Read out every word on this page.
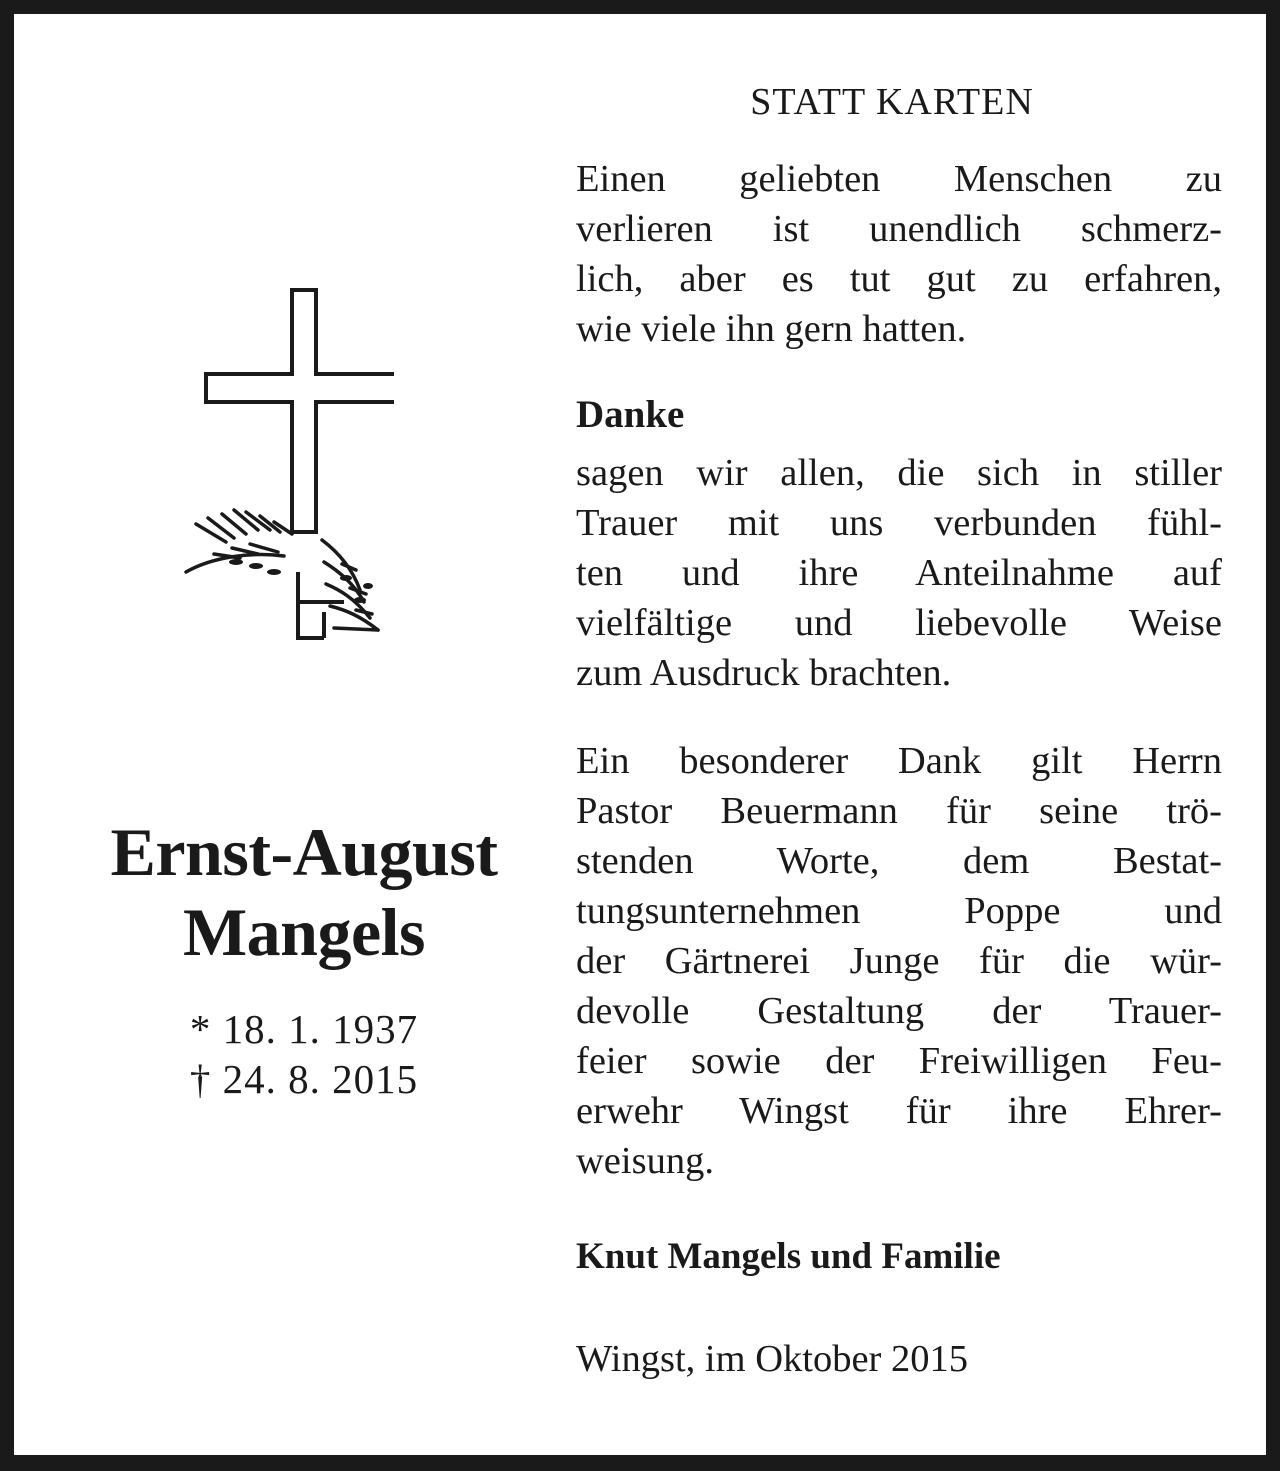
Ernst-August
Mangels
* 18. 1. 1937
† 24. 8. 2015
STATT KARTEN
Einen geliebten Menschen zu
verlieren ist unendlich schmerz-
lich, aber es tut gut zu erfahren,
wie viele ihn gern hatten.
Danke
sagen wir allen, die sich in stiller
Trauer mit uns verbunden fühl-
ten und ihre Anteilnahme auf
vielfältige und liebevolle Weise
zum Ausdruck brachten.
Ein besonderer Dank gilt Herrn
Pastor Beuermann für seine trö-
stenden Worte, dem Bestat-
tungsunternehmen Poppe und
der Gärtnerei Junge für die wür-
devolle Gestaltung der Trauer-
feier sowie der Freiwilligen Feu-
erwehr Wingst für ihre Ehrer-
weisung.
Knut Mangels und Familie
Wingst, im Oktober 2015
